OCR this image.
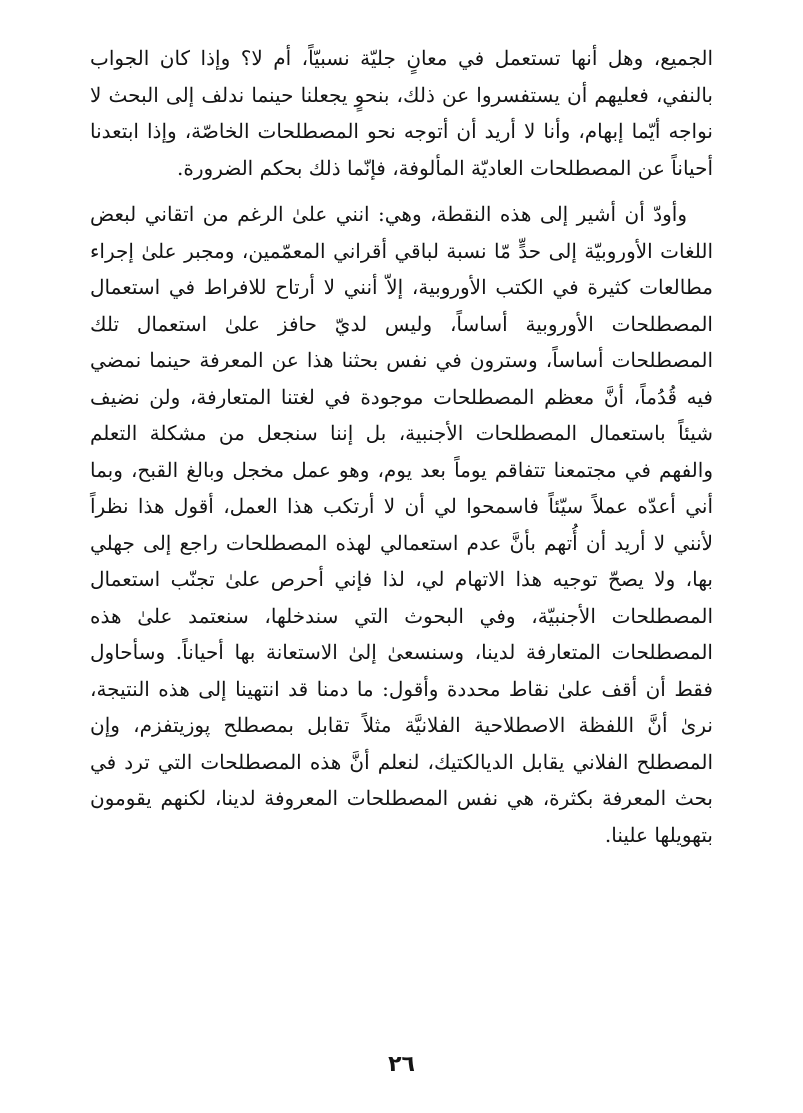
الجميع، وهل أنها تستعمل في معانٍ جليّة نسبيّاً، أم لا؟ وإذا كان الجواب بالنفي، فعليهم أن يستفسروا عن ذلك، بنحوٍ يجعلنا حينما ندلف إلى البحث لا نواجه أيّما إبهام، وأنا لا أريد أن أتوجه نحو المصطلحات الخاصّة، وإذا ابتعدنا أحياناً عن المصطلحات العاديّة المألوفة، فإنّما ذلك بحكم الضرورة.

وأودّ أن أشير إلى هذه النقطة، وهي: انني علىٰ الرغم من اتقاني لبعض اللغات الأوروبيّة إلى حدٍّ مّا نسبة لباقي أقراني المعمّمين، ومجبر علىٰ إجراء مطالعات كثيرة في الكتب الأوروبية، إلاّ أنني لا أرتاح للافراط في استعمال المصطلحات الأوروبية أساساً، وليس لديّ حافز علىٰ استعمال تلك المصطلحات أساساً، وسترون في نفس بحثنا هذا عن المعرفة حينما نمضي فيه قُدُماً، أنَّ معظم المصطلحات موجودة في لغتنا المتعارفة، ولن نضيف شيئاً باستعمال المصطلحات الأجنبية، بل إننا سنجعل من مشكلة التعلم والفهم في مجتمعنا تتفاقم يوماً بعد يوم، وهو عمل مخجل وبالغ القبح، وبما أني أعدّه عملاً سيّئاً فاسمحوا لي أن لا أرتكب هذا العمل، أقول هذا نظراً لأنني لا أريد أن أُتهم بأنَّ عدم استعمالي لهذه المصطلحات راجع إلى جهلي بها، ولا يصحّ توجيه هذا الاتهام لي، لذا فإني أحرص علىٰ تجنّب استعمال المصطلحات الأجنبيّة، وفي البحوث التي سندخلها، سنعتمد علىٰ هذه المصطلحات المتعارفة لدينا، وسنسعىٰ إلىٰ الاستعانة بها أحياناً. وسأحاول فقط أن أقف علىٰ نقاط محددة وأقول: ما دمنا قد انتهينا إلى هذه النتيجة، نرىٰ أنَّ اللفظة الاصطلاحية الفلانيَّة مثلاً تقابل بمصطلح پوزيتفزم، وإن المصطلح الفلاني يقابل الديالكتيك، لنعلم أنَّ هذه المصطلحات التي ترد في بحث المعرفة بكثرة، هي نفس المصطلحات المعروفة لدينا، لكنهم يقومون بتهويلها علينا.

٢٦
